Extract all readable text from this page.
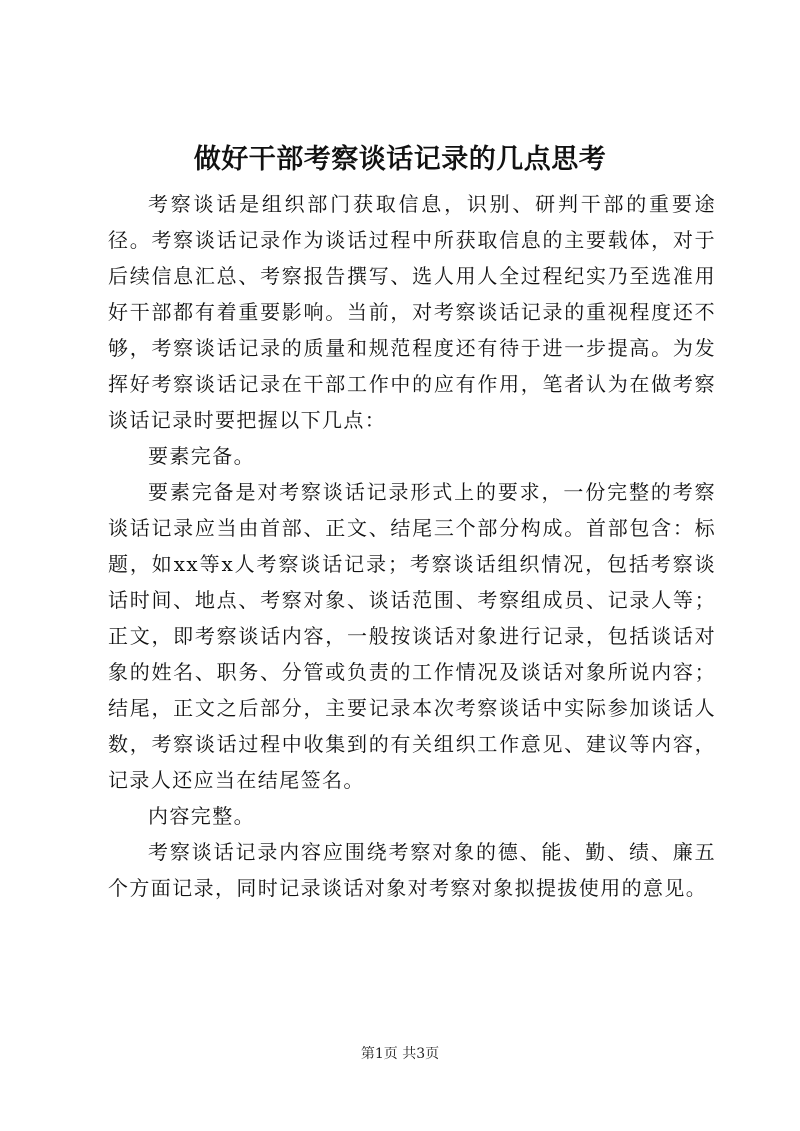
做好干部考察谈话记录的几点思考

考察谈话是组织部门获取信息，识别、研判干部的重要途径。考察谈话记录作为谈话过程中所获取信息的主要载体，对于后续信息汇总、考察报告撰写、选人用人全过程纪实乃至选准用好干部都有着重要影响。当前，对考察谈话记录的重视程度还不够，考察谈话记录的质量和规范程度还有待于进一步提高。为发挥好考察谈话记录在干部工作中的应有作用，笔者认为在做考察谈话记录时要把握以下几点：

要素完备。

要素完备是对考察谈话记录形式上的要求，一份完整的考察谈话记录应当由首部、正文、结尾三个部分构成。首部包含：标题，如xx等x人考察谈话记录；考察谈话组织情况，包括考察谈话时间、地点、考察对象、谈话范围、考察组成员、记录人等；正文，即考察谈话内容，一般按谈话对象进行记录，包括谈话对象的姓名、职务、分管或负责的工作情况及谈话对象所说内容；结尾，正文之后部分，主要记录本次考察谈话中实际参加谈话人数，考察谈话过程中收集到的有关组织工作意见、建议等内容，记录人还应当在结尾签名。

内容完整。

考察谈话记录内容应围绕考察对象的德、能、勤、绩、廉五个方面记录，同时记录谈话对象对考察对象拟提拔使用的意见。

第1页 共3页
